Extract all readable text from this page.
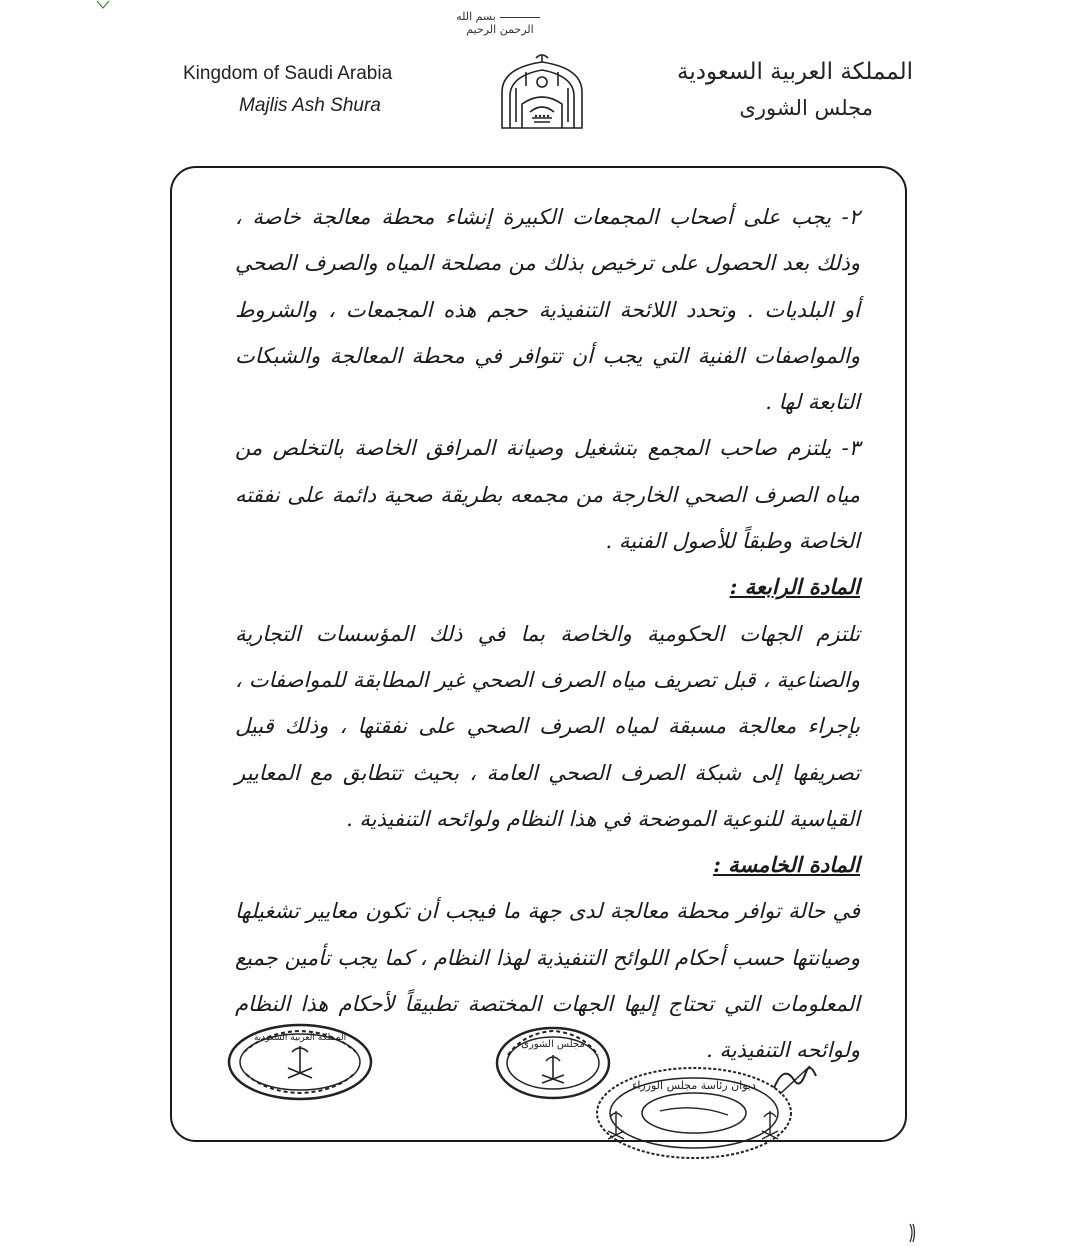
بسم الله الرحمن الرحيم
Kingdom of Saudi Arabia
Majlis Ash Shura
المملكة العربية السعودية
مجلس الشورى

٢- يجب على أصحاب المجمعات الكبيرة إنشاء محطة معالجة خاصة ، وذلك بعد الحصول على ترخيص بذلك من مصلحة المياه والصرف الصحي أو البلديات . وتحدد اللائحة التنفيذية حجم هذه المجمعات ، والشروط والمواصفات الفنية التي يجب أن تتوافر في محطة المعالجة والشبكات التابعة لها .

٣- يلتزم صاحب المجمع بتشغيل وصيانة المرافق الخاصة بالتخلص من مياه الصرف الصحي الخارجة من مجمعه بطريقة صحية دائمة على نفقته الخاصة وطبقاً للأصول الفنية .

المادة الرابعة :

تلتزم الجهات الحكومية والخاصة بما في ذلك المؤسسات التجارية والصناعية ، قبل تصريف مياه الصرف الصحي غير المطابقة للمواصفات ، بإجراء معالجة مسبقة لمياه الصرف الصحي على نفقتها ، وذلك قبيل تصريفها إلى شبكة الصرف الصحي العامة ، بحيث تتطابق مع المعايير القياسية للنوعية الموضحة في هذا النظام ولوائحه التنفيذية .

المادة الخامسة :

في حالة توافر محطة معالجة لدى جهة ما فيجب أن تكون معايير تشغيلها وصيانتها حسب أحكام اللوائح التنفيذية لهذا النظام ، كما يجب تأمين جميع المعلومات التي تحتاج إليها الجهات المختصة تطبيقاً لأحكام هذا النظام ولوائحه التنفيذية .

المملكة العربية السعودية
مجلس الشورى
ديوان رئاسة مجلس الوزراء
